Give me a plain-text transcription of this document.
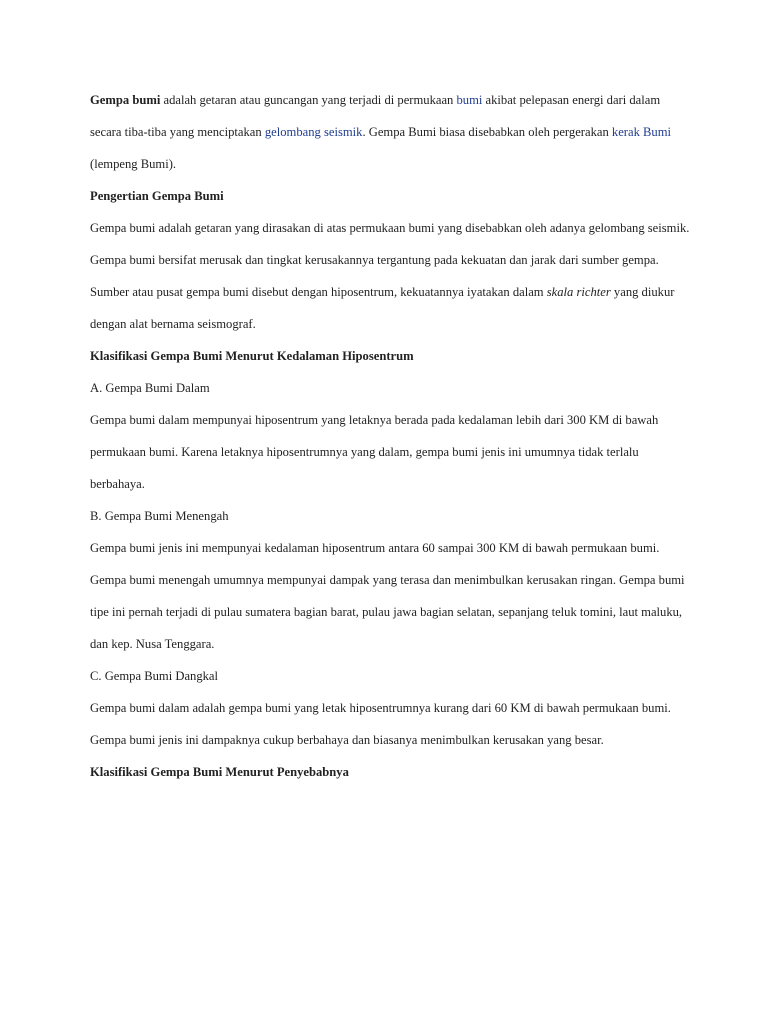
Gempa bumi adalah getaran atau guncangan yang terjadi di permukaan bumi akibat pelepasan energi dari dalam secara tiba-tiba yang menciptakan gelombang seismik. Gempa Bumi biasa disebabkan oleh pergerakan kerak Bumi (lempeng Bumi).

Pengertian Gempa Bumi

Gempa bumi adalah getaran yang dirasakan di atas permukaan bumi yang disebabkan oleh adanya gelombang seismik. Gempa bumi bersifat merusak dan tingkat kerusakannya tergantung pada kekuatan dan jarak dari sumber gempa. Sumber atau pusat gempa bumi disebut dengan hiposentrum, kekuatannya iyatakan dalam skala richter yang diukur dengan alat bernama seismograf.

Klasifikasi Gempa Bumi Menurut Kedalaman Hiposentrum

A. Gempa Bumi Dalam

Gempa bumi dalam mempunyai hiposentrum yang letaknya berada pada kedalaman lebih dari 300 KM di bawah permukaan bumi. Karena letaknya hiposentrumnya yang dalam, gempa bumi jenis ini umumnya tidak terlalu berbahaya.

B. Gempa Bumi Menengah

Gempa bumi jenis ini mempunyai kedalaman hiposentrum antara 60 sampai 300 KM di bawah permukaan bumi. Gempa bumi menengah umumnya mempunyai dampak yang terasa dan menimbulkan kerusakan ringan. Gempa bumi tipe ini pernah terjadi di pulau sumatera bagian barat, pulau jawa bagian selatan, sepanjang teluk tomini, laut maluku, dan kep. Nusa Tenggara.

C. Gempa Bumi Dangkal

Gempa bumi dalam adalah gempa bumi yang letak hiposentrumnya kurang dari 60 KM di bawah permukaan bumi. Gempa bumi jenis ini dampaknya cukup berbahaya dan biasanya menimbulkan kerusakan yang besar.

Klasifikasi Gempa Bumi Menurut Penyebabnya
